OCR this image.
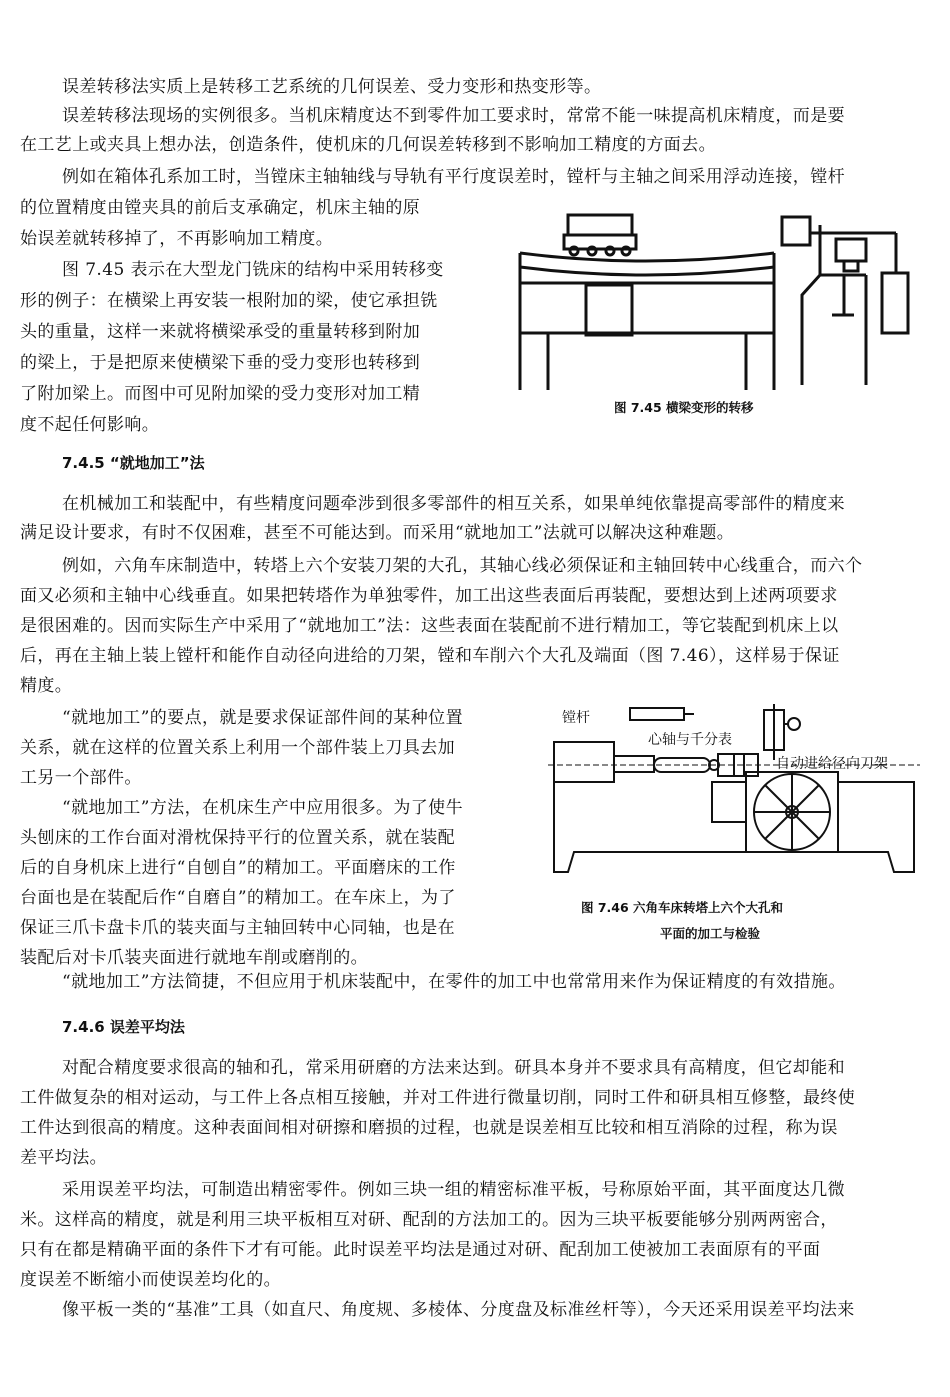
误差转移法实质上是转移工艺系统的几何误差、受力变形和热变形等。
误差转移法现场的实例很多。当机床精度达不到零件加工要求时，常常不能一味提高机床精度，而是要
在工艺上或夹具上想办法，创造条件，使机床的几何误差转移到不影响加工精度的方面去。
例如在箱体孔系加工时，当镗床主轴轴线与导轨有平行度误差时，镗杆与主轴之间采用浮动连接，镗杆
的位置精度由镗夹具的前后支承确定，机床主轴的原
始误差就转移掉了，不再影响加工精度。
图 7.45 表示在大型龙门铣床的结构中采用转移变
形的例子：在横梁上再安装一根附加的梁，使它承担铣
头的重量，这样一来就将横梁承受的重量转移到附加
的梁上，于是把原来使横梁下垂的受力变形也转移到
了附加梁上。而图中可见附加梁的受力变形对加工精
度不起任何影响。
图 7.45 横梁变形的转移
7.4.5 “就地加工”法
在机械加工和装配中，有些精度问题牵涉到很多零部件的相互关系，如果单纯依靠提高零部件的精度来
满足设计要求，有时不仅困难，甚至不可能达到。而采用“就地加工”法就可以解决这种难题。
例如，六角车床制造中，转塔上六个安装刀架的大孔，其轴心线必须保证和主轴回转中心线重合，而六个
面又必须和主轴中心线垂直。如果把转塔作为单独零件，加工出这些表面后再装配，要想达到上述两项要求
是很困难的。因而实际生产中采用了“就地加工”法：这些表面在装配前不进行精加工，等它装配到机床上以
后，再在主轴上装上镗杆和能作自动径向进给的刀架，镗和车削六个大孔及端面（图 7.46），这样易于保证
精度。
“就地加工”的要点，就是要求保证部件间的某种位置
关系，就在这样的位置关系上利用一个部件装上刀具去加
工另一个部件。
“就地加工”方法，在机床生产中应用很多。为了使牛
头刨床的工作台面对滑枕保持平行的位置关系，就在装配
后的自身机床上进行“自刨自”的精加工。平面磨床的工作
台面也是在装配后作“自磨自”的精加工。在车床上，为了
保证三爪卡盘卡爪的装夹面与主轴回转中心同轴，也是在
装配后对卡爪装夹面进行就地车削或磨削的。
镗杆
心轴与千分表
自动进给径向刀架
图 7.46 六角车床转塔上六个大孔和
平面的加工与检验
“就地加工”方法简捷，不但应用于机床装配中，在零件的加工中也常常用来作为保证精度的有效措施。
7.4.6 误差平均法
对配合精度要求很高的轴和孔，常采用研磨的方法来达到。研具本身并不要求具有高精度，但它却能和
工件做复杂的相对运动，与工件上各点相互接触，并对工件进行微量切削，同时工件和研具相互修整，最终使
工件达到很高的精度。这种表面间相对研擦和磨损的过程，也就是误差相互比较和相互消除的过程，称为误
差平均法。
采用误差平均法，可制造出精密零件。例如三块一组的精密标准平板，号称原始平面，其平面度达几微
米。这样高的精度，就是利用三块平板相互对研、配刮的方法加工的。因为三块平板要能够分别两两密合，
只有在都是精确平面的条件下才有可能。此时误差平均法是通过对研、配刮加工使被加工表面原有的平面
度误差不断缩小而使误差均化的。
像平板一类的“基准”工具（如直尺、角度规、多棱体、分度盘及标准丝杆等），今天还采用误差平均法来
